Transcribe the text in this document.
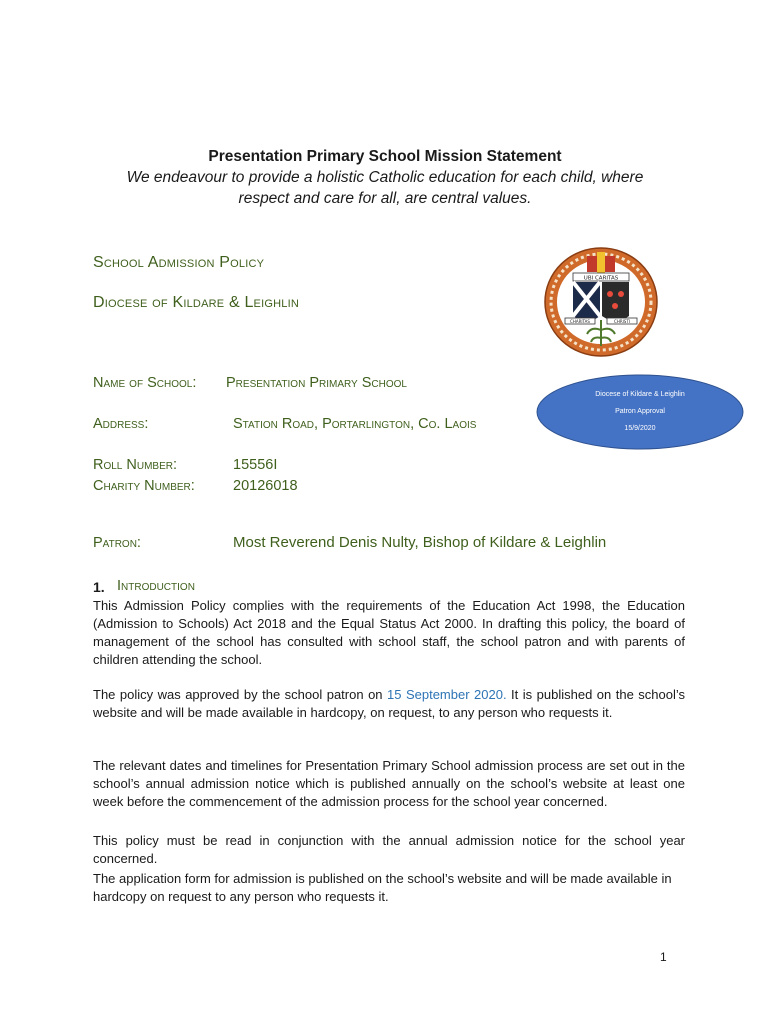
Presentation Primary School Mission Statement
We endeavour to provide a holistic Catholic education for each child, where
respect and care for all, are central values.
School Admission Policy
Diocese of Kildare & Leighlin
UBI CARITAS
CHARITAS	CHRISTI
Diocese of Kildare & Leighlin
Patron Approval
15/9/2020
Name of School: Presentation Primary School
Address:	Station Road, Portarlington, Co. Laois
Roll Number:	15556I
Charity Number:	20126018
Patron:	Most Reverend Denis Nulty, Bishop of Kildare & Leighlin
1. Introduction
This Admission Policy complies with the requirements of the Education Act 1998, the Education (Admission to Schools) Act 2018 and the Equal Status Act 2000. In drafting this policy, the board of management of the school has consulted with school staff, the school patron and with parents of children attending the school.
The policy was approved by the school patron on 15 September 2020. It is published on the school’s website and will be made available in hardcopy, on request, to any person who requests it.
The relevant dates and timelines for Presentation Primary School admission process are set out in the school’s annual admission notice which is published annually on the school’s website at least one week before the commencement of the admission process for the school year concerned.
This policy must be read in conjunction with the annual admission notice for the school year concerned.
The application form for admission is published on the school’s website and will be made available in hardcopy on request to any person who requests it.
1
